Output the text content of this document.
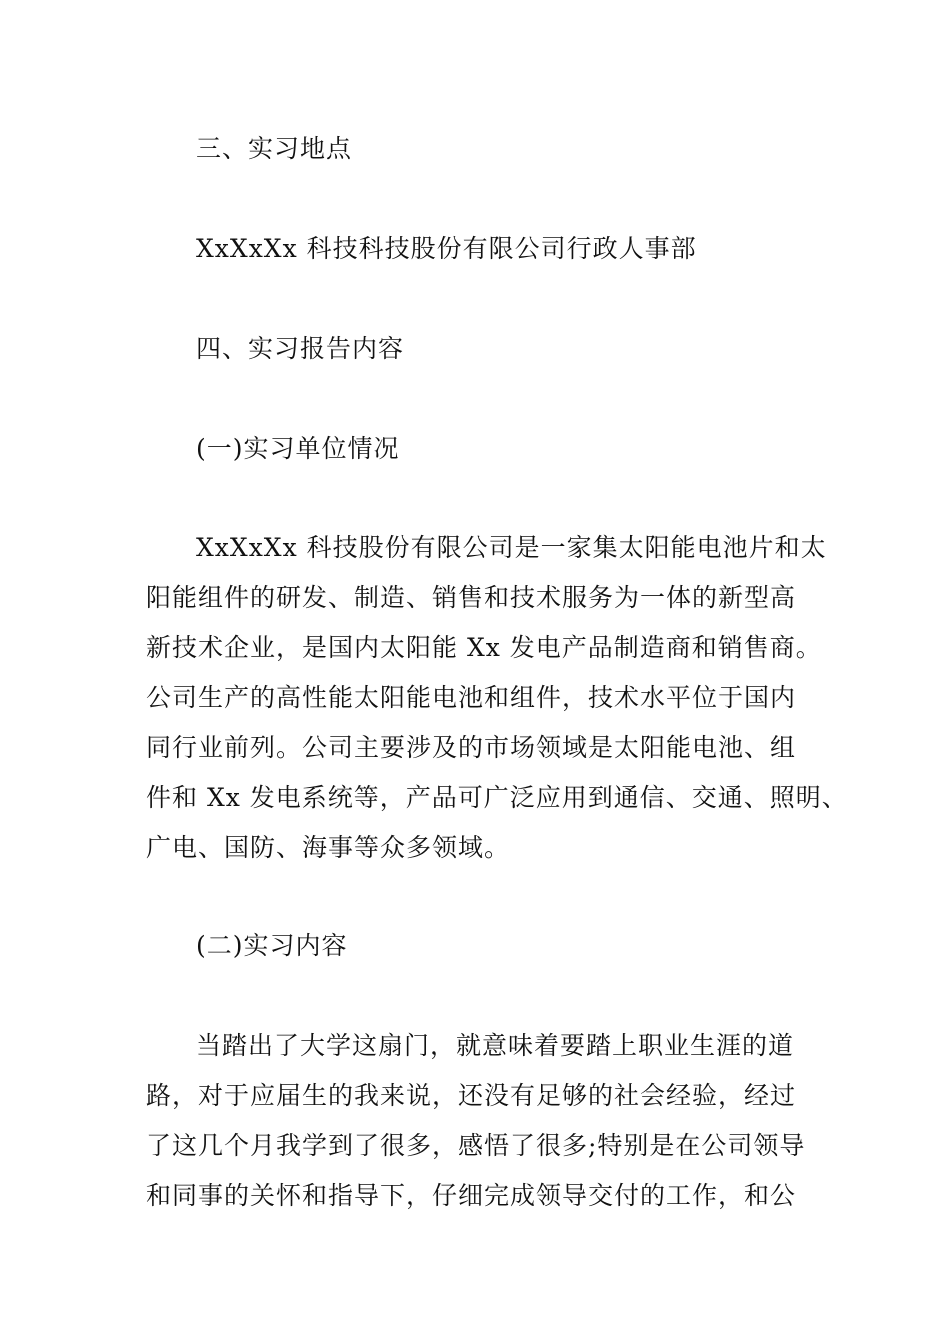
三、实习地点
XxXxXx 科技科技股份有限公司行政人事部
四、实习报告内容
(一)实习单位情况
XxXxXx 科技股份有限公司是一家集太阳能电池片和太
阳能组件的研发、制造、销售和技术服务为一体的新型高
新技术企业，是国内太阳能 Xx 发电产品制造商和销售商。
公司生产的高性能太阳能电池和组件，技术水平位于国内
同行业前列。公司主要涉及的市场领域是太阳能电池、组
件和 Xx 发电系统等，产品可广泛应用到通信、交通、照明、
广电、国防、海事等众多领域。
(二)实习内容
当踏出了大学这扇门，就意味着要踏上职业生涯的道
路，对于应届生的我来说，还没有足够的社会经验，经过
了这几个月我学到了很多，感悟了很多;特别是在公司领导
和同事的关怀和指导下，仔细完成领导交付的工作，和公
